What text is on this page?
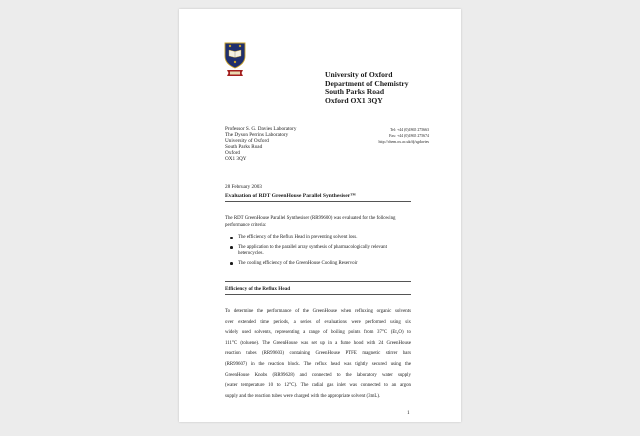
University of Oxford
Department of Chemistry
South Parks Road
Oxford OX1 3QY
Professor S. G. Davies Laboratory
The Dyson Perrins Laboratory
University of Oxford
South Parks Road
Oxford
OX1 3QY
Tel: +44 (0)1865 275663
Fax: +44 (0)1865 275674
http://chem.ox.ac.uk/dj/sgdavies
28 February 2003
Evaluation of RDT GreenHouse Parallel Synthesiser™
The RDT GreenHouse Parallel Synthesiser (RR99600) was evaluated for the following performance criteria:
The efficiency of the Reflux Head in preventing solvent loss.
The application to the parallel array synthesis of pharmacologically relevant heterocycles.
The cooling efficiency of the GreenHouse Cooling Reservoir
Efficiency of the Reflux Head
To determine the performance of the GreenHouse when refluxing organic solvents
over extended time periods, a series of evaluations were performed using six
widely used solvents, representing a range of boiling points from 37°C (Et₂O) to
111°C (toluene). The GreenHouse was set up in a fume hood with 24 GreenHouse
reaction tubes (RR99603) containing GreenHouse PTFE magnetic stirrer bars
(RR99607) in the reaction block. The reflux head was tightly secured using the
GreenHouse Knobs (RR99628) and connected to the laboratory water supply
(water temperature 10 to 12°C). The radial gas inlet was connected to an argon
supply and the reaction tubes were charged with the appropriate solvent (3mL).
1
